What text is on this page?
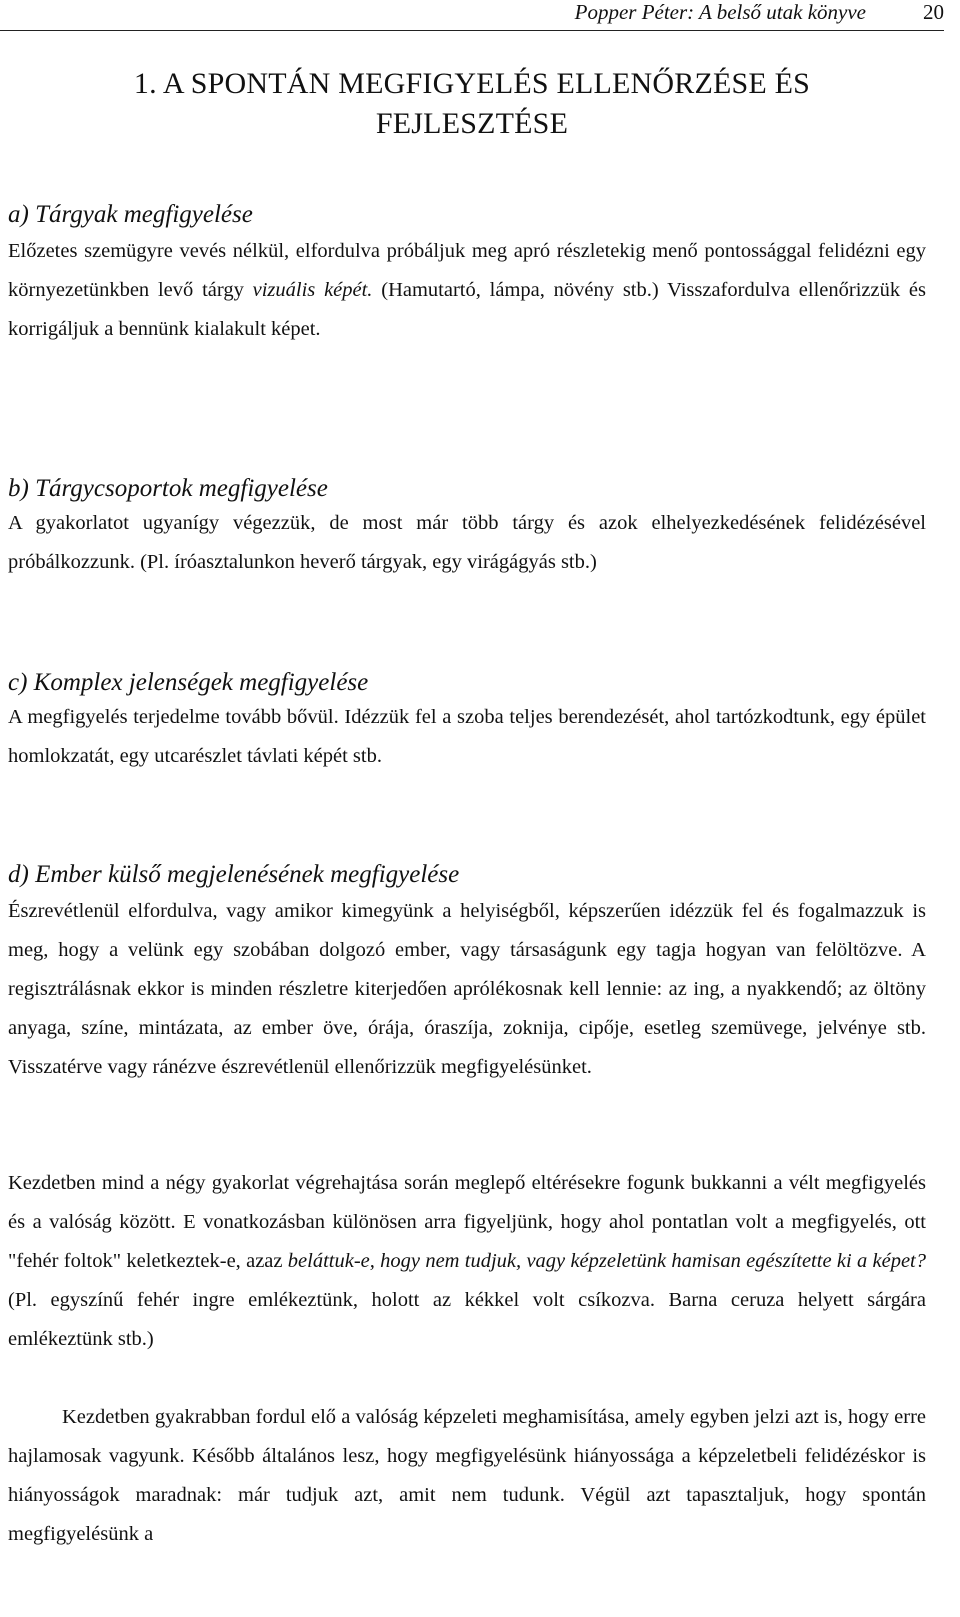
Popper Péter: A belső utak könyve	20
1. A SPONTÁN MEGFIGYELÉS ELLENŐRZÉSE ÉS
FEJLESZTÉSE
a) Tárgyak megfigyelése

Előzetes szemügyre vevés nélkül, elfordulva próbáljuk meg apró részletekig menő pontossággal felidézni egy környezetünkben levő tárgy vizuális képét. (Hamutartó, lámpa, növény stb.) Visszafordulva ellenőrizzük és korrigáljuk a bennünk kialakult képet.

b) Tárgycsoportok megfigyelése

A gyakorlatot ugyanígy végezzük, de most már több tárgy és azok elhelyezkedésének felidézésével próbálkozzunk. (Pl. íróasztalunkon heverő tárgyak, egy virágágyás stb.)

c) Komplex jelenségek megfigyelése

A megfigyelés terjedelme tovább bővül. Idézzük fel a szoba teljes berendezését, ahol tartózkodtunk, egy épület homlokzatát, egy utcarészlet távlati képét stb.

d) Ember külső megjelenésének megfigyelése

Észrevétlenül elfordulva, vagy amikor kimegyünk a helyiségből, képszerűen idézzük fel és fogalmazzuk is meg, hogy a velünk egy szobában dolgozó ember, vagy társaságunk egy tagja hogyan van felöltözve. A regisztrálásnak ekkor is minden részletre kiterjedően aprólékosnak kell lennie: az ing, a nyakkendő; az öltöny anyaga, színe, mintázata, az ember öve, órája, óraszíja, zoknija, cipője, esetleg szemüvege, jelvénye stb. Visszatérve vagy ránézve észrevétlenül ellenőrizzük megfigyelésünket.

Kezdetben mind a négy gyakorlat végrehajtása során meglepő eltérésekre fogunk bukkanni a vélt megfigyelés és a valóság között. E vonatkozásban különösen arra figyeljünk, hogy ahol pontatlan volt a megfigyelés, ott "fehér foltok" keletkeztek-e, azaz beláttuk-e, hogy nem tudjuk, vagy képzeletünk hamisan egészítette ki a képet? (Pl. egyszínű fehér ingre emlékeztünk, holott az kékkel volt csíkozva. Barna ceruza helyett sárgára emlékeztünk stb.)

Kezdetben gyakrabban fordul elő a valóság képzeleti meghamisítása, amely egyben jelzi azt is, hogy erre hajlamosak vagyunk. Később általános lesz, hogy megfigyelésünk hiányossága a képzeletbeli felidézéskor is hiányosságok maradnak: már tudjuk azt, amit nem tudunk. Végül azt tapasztaljuk, hogy spontán megfigyelésünk a
